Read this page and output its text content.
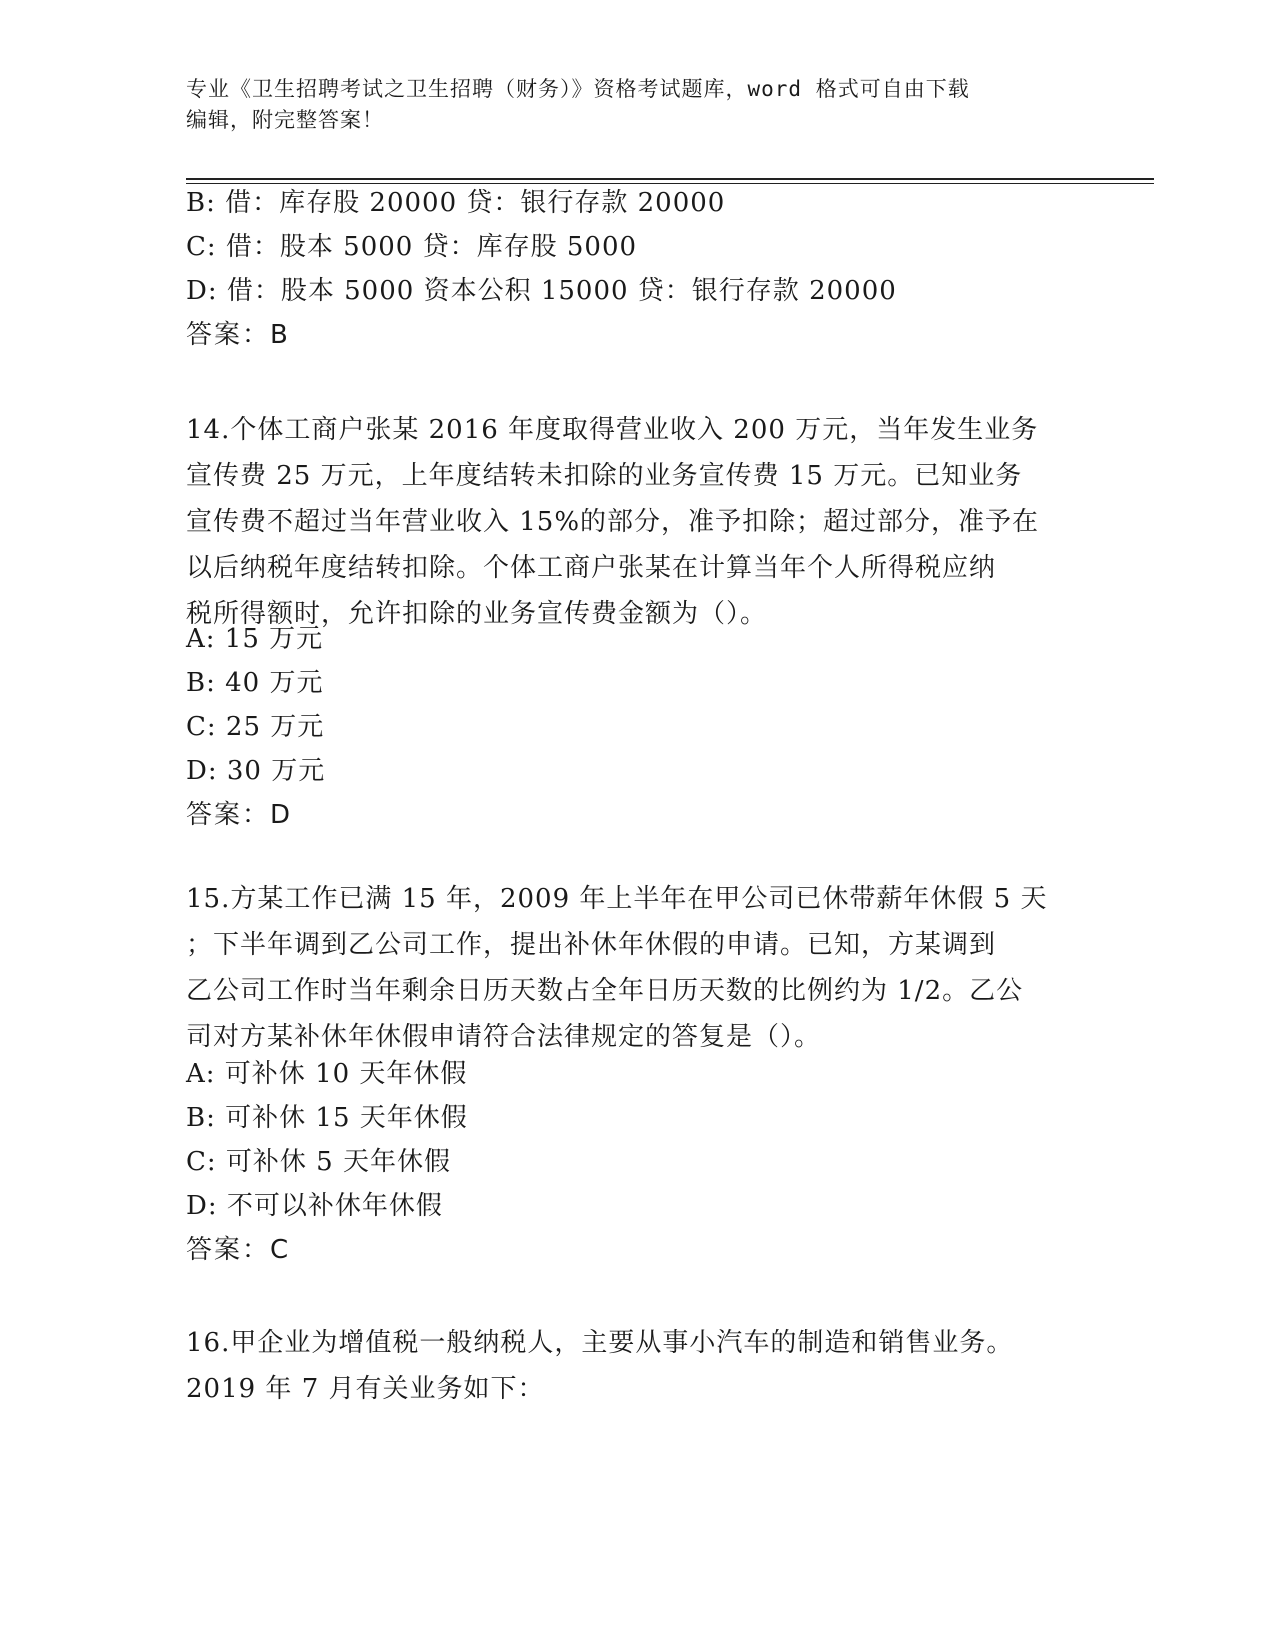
专业《卫生招聘考试之卫生招聘（财务）》资格考试题库，word 格式可自由下载
编辑，附完整答案！
B: 借：库存股 20000 贷：银行存款 20000
C: 借：股本 5000 贷：库存股 5000
D: 借：股本 5000 资本公积 15000 贷：银行存款 20000
答案：B
14.个体工商户张某 2016 年度取得营业收入 200 万元，当年发生业务
宣传费 25 万元，上年度结转未扣除的业务宣传费 15 万元。已知业务
宣传费不超过当年营业收入 15%的部分，准予扣除；超过部分，准予在
以后纳税年度结转扣除。个体工商户张某在计算当年个人所得税应纳
税所得额时，允许扣除的业务宣传费金额为（）。
A: 15 万元
B: 40 万元
C: 25 万元
D: 30 万元
答案：D
15.方某工作已满 15 年，2009 年上半年在甲公司已休带薪年休假 5 天
；下半年调到乙公司工作，提出补休年休假的申请。已知，方某调到
乙公司工作时当年剩余日历天数占全年日历天数的比例约为 1/2。乙公
司对方某补休年休假申请符合法律规定的答复是（）。
A: 可补休 10 天年休假
B: 可补休 15 天年休假
C: 可补休 5 天年休假
D: 不可以补休年休假
答案：C
16.甲企业为增值税一般纳税人，主要从事小汽车的制造和销售业务。
2019 年 7 月有关业务如下：
